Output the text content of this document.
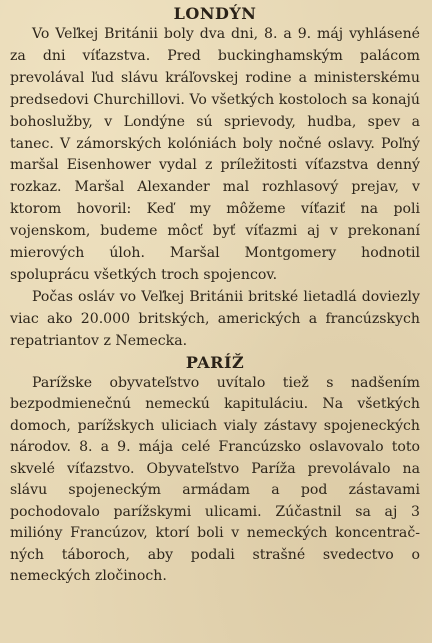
LONDÝN

Vo Veľkej Británii boly dva dni, 8. a 9. máj vyhlásené za dni víťazstva. Pred buckinghamským palácom prevolával ľud slávu kráľovskej rodine a ministerskému predsedovi Churchillovi. Vo všetkých kostoloch sa konajú bohoslužby, v Londýne sú sprievody, hudba, spev a tanec. V zámorských kolóniách boly nočné oslavy. Poľný maršal Eisenhower vydal z príležitosti víťazstva denný rozkaz. Maršal Alexander mal rozhlasový prejav, v ktorom hovoril: Keď my môžeme víťaziť na poli vojenskom, budeme môcť byť víťazmi aj v prekonaní mierových úloh. Maršal Montgomery hodnotil spoluprácu všetkých troch spojencov.

Počas osláv vo Veľkej Británii britské lietadlá doviezly viac ako 20.000 britských, amerických a francúzskych repatriantov z Nemecka.

PARÍŽ

Parížske obyvateľstvo uvítalo tiež s nadšením bezpodmienečnú nemeckú kapituláciu. Na všetkých domoch, parížskych uliciach vialy zástavy spojeneckých národov. 8. a 9. mája celé Francúzsko oslavovalo toto skvelé víťazstvo. Obyvateľstvo Paríža prevolávalo na slávu spojeneckým armádam a pod zástavami pochodovalo parížskymi ulicami. Zúčastnil sa aj 3 milióny Francúzov, ktorí boli v nemeckých koncentračných táboroch, aby podali strašné svedectvo o nemeckých zločinoch.
